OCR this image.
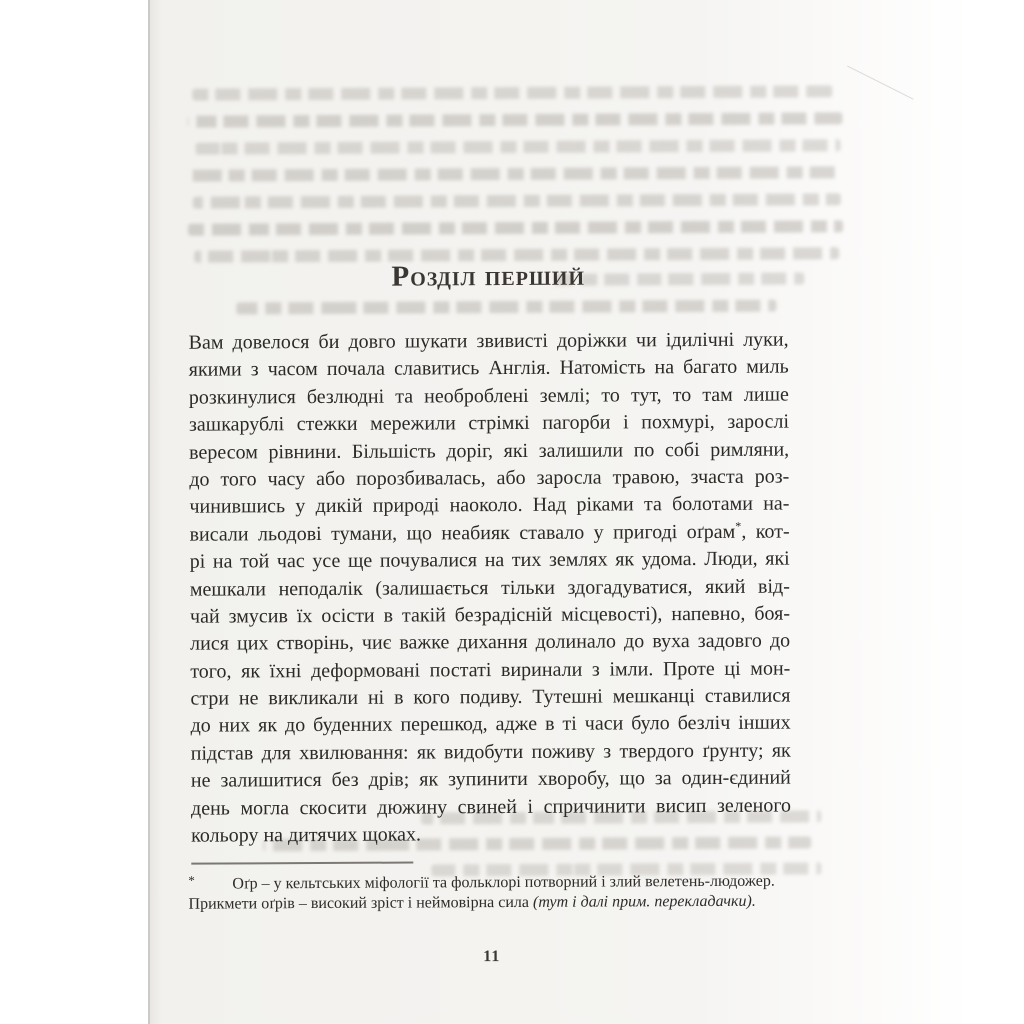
Розділ перший
Вам довелося би довго шукати звивисті доріжки чи ідилічні луки,
якими з часом почала славитись Англія. Натомість на багато миль
розкинулися безлюдні та необроблені землі; то тут, то там лише
зашкарублі стежки мережили стрімкі пагорби і похмурі, зарослі
вересом рівнини. Більшість доріг, які залишили по собі римляни,
до того часу або порозбивалась, або заросла травою, зчаста роз-
чинившись у дикій природі наоколо. Над ріками та болотами на-
висали льодові тумани, що неабияк ставало у пригоді оґрам*, кот-
рі на той час усе ще почувалися на тих землях як удома. Люди, які
мешкали неподалік (залишається тільки здогадуватися, який від-
чай змусив їх осісти в такій безрадісній місцевості), напевно, боя-
лися цих створінь, чиє важке дихання долинало до вуха задовго до
того, як їхні деформовані постаті виринали з імли. Проте ці мон-
стри не викликали ні в кого подиву. Тутешні мешканці ставилися
до них як до буденних перешкод, адже в ті часи було безліч інших
підстав для хвилювання: як видобути поживу з твердого ґрунту; як
не залишитися без дрів; як зупинити хворобу, що за один-єдиний
день могла скосити дюжину свиней і спричинити висип зеленого
кольору на дитячих щоках.
* Оґр – у кельтських міфології та фольклорі потворний і злий велетень-людожер.
Прикмети оґрів – високий зріст і неймовірна сила (тут і далі прим. перекладачки).
11
